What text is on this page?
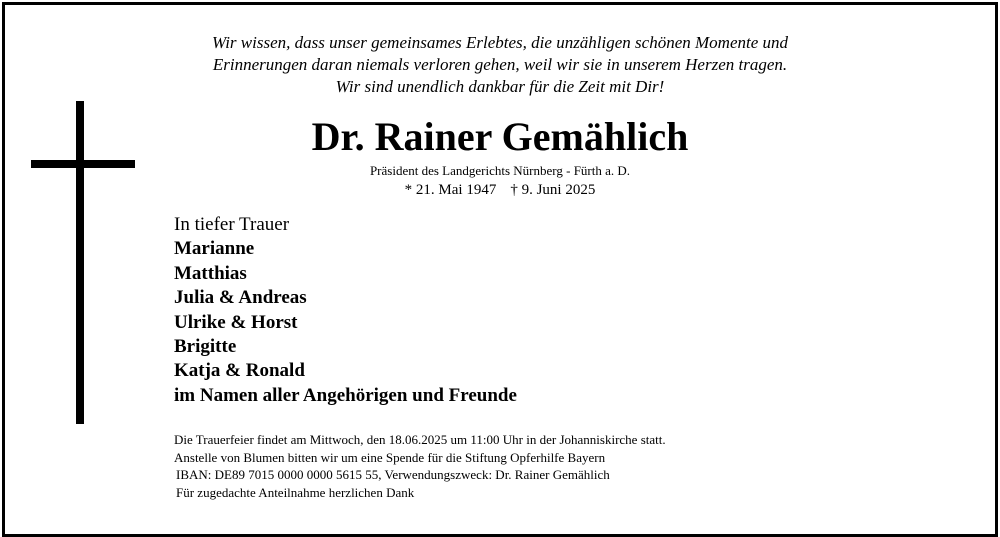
Wir wissen, dass unser gemeinsames Erlebtes, die unzähligen schönen Momente und
Erinnerungen daran niemals verloren gehen, weil wir sie in unserem Herzen tragen.
Wir sind unendlich dankbar für die Zeit mit Dir!
Dr. Rainer Gemählich
Präsident des Landgerichts Nürnberg - Fürth a. D.
* 21. Mai 1947 † 9. Juni 2025
In tiefer Trauer
Marianne
Matthias
Julia & Andreas
Ulrike & Horst
Brigitte
Katja & Ronald
im Namen aller Angehörigen und Freunde
Die Trauerfeier findet am Mittwoch, den 18.06.2025 um 11:00 Uhr in der Johanniskirche statt.
Anstelle von Blumen bitten wir um eine Spende für die Stiftung Opferhilfe Bayern
IBAN: DE89 7015 0000 0000 5615 55, Verwendungszweck: Dr. Rainer Gemählich
Für zugedachte Anteilnahme herzlichen Dank
